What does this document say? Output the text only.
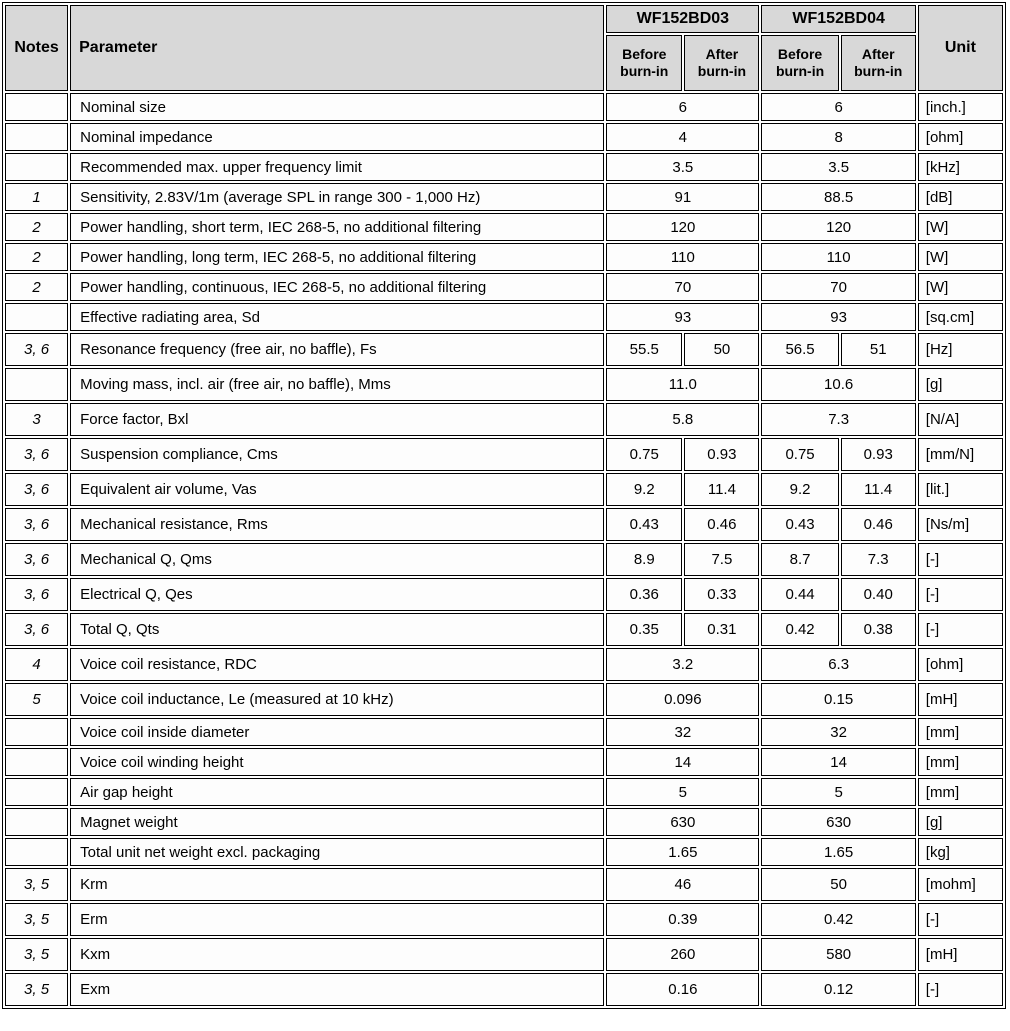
Notes	Parameter	WF152BD03		WF152BD04		Unit
		Before burn-in	After burn-in	Before burn-in	After burn-in	
	Nominal size	6		6		[inch.]
	Nominal impedance	4		8		[ohm]
	Recommended max. upper frequency limit	3.5		3.5		[kHz]
1	Sensitivity, 2.83V/1m (average SPL in range 300 - 1,000 Hz)	91		88.5		[dB]
2	Power handling, short term, IEC 268-5, no additional filtering	120		120		[W]
2	Power handling, long term, IEC 268-5, no additional filtering	110		110		[W]
2	Power handling, continuous, IEC 268-5, no additional filtering	70		70		[W]
	Effective radiating area, Sd	93		93		[sq.cm]
3, 6	Resonance frequency (free air, no baffle), Fs	55.5	50	56.5	51	[Hz]
	Moving mass, incl. air (free air, no baffle), Mms	11.0		10.6		[g]
3	Force factor, Bxl	5.8		7.3		[N/A]
3, 6	Suspension compliance, Cms	0.75	0.93	0.75	0.93	[mm/N]
3, 6	Equivalent air volume, Vas	9.2	11.4	9.2	11.4	[lit.]
3, 6	Mechanical resistance, Rms	0.43	0.46	0.43	0.46	[Ns/m]
3, 6	Mechanical Q, Qms	8.9	7.5	8.7	7.3	[-]
3, 6	Electrical Q, Qes	0.36	0.33	0.44	0.40	[-]
3, 6	Total Q, Qts	0.35	0.31	0.42	0.38	[-]
4	Voice coil resistance, RDC	3.2		6.3		[ohm]
5	Voice coil inductance, Le (measured at 10 kHz)	0.096		0.15		[mH]
	Voice coil inside diameter	32		32		[mm]
	Voice coil winding height	14		14		[mm]
	Air gap height	5		5		[mm]
	Magnet weight	630		630		[g]
	Total unit net weight excl. packaging	1.65		1.65		[kg]
3, 5	Krm	46		50		[mohm]
3, 5	Erm	0.39		0.42		[-]
3, 5	Kxm	260		580		[mH]
3, 5	Exm	0.16		0.12		[-]
